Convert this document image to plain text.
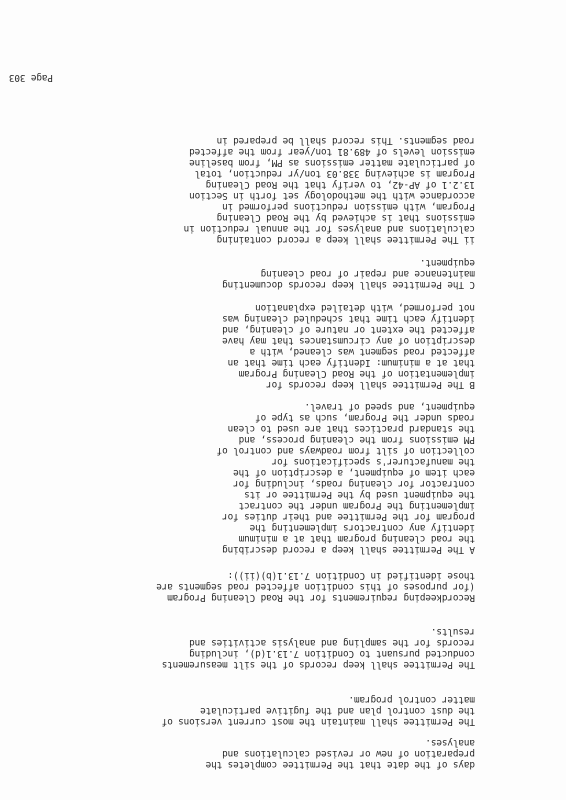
Page 303
days of the date that the Permittee completes the
preparation of new or revised calculations and
analyses.
The Permittee shall maintain the most current versions of
the dust control plan and the fugitive particulate
matter control program.
The Permittee shall keep records of the silt measurements
conducted pursuant to Condition 7.13.1(d), including
records for the sampling and analysis activities and
results.
Recordkeeping requirements for the Road Cleaning Program
(for purposes of this condition affected road segments are
those identified in Condition 7.13.1(b)(ii)):
A The Permittee shall keep a record describing
the road cleaning program that at a minimum
identify any contractors implementing the
program for the Permittee and their duties for
implementing the Program under the contract
the equipment used by the Permittee or its
contractor for cleaning roads, including for
each item of equipment, a description of the
the manufacturer's specifications for
collection of silt from roadways and control of
PM emissions from the cleaning process, and
the standard practices that are used to clean
roads under the Program, such as type of
equipment, and speed of travel.
B The Permittee shall keep records for
implementation of the Road Cleaning Program
that at a minimum: Identify each time that an
affected road segment was cleaned, with a
description of any circumstances that may have
affected the extent or nature of cleaning, and
identify each time that scheduled cleaning was
not performed, with detailed explanation
C The Permittee shall keep records documenting
maintenance and repair of road cleaning
equipment.
ii The Permittee shall keep a record containing
calculations and analyses for the annual reduction in
emissions that is achieved by the Road Cleaning
Program, with emission reductions performed in
accordance with the methodology set forth in Section
13.2.1 of AP-42, to verify that the Road Cleaning
Program is achieving 338.03 ton/yr reduction, total
of particulate matter emissions as PM, from baseline
emission levels of 489.81 ton/year from the affected
road segments. This record shall be prepared in
